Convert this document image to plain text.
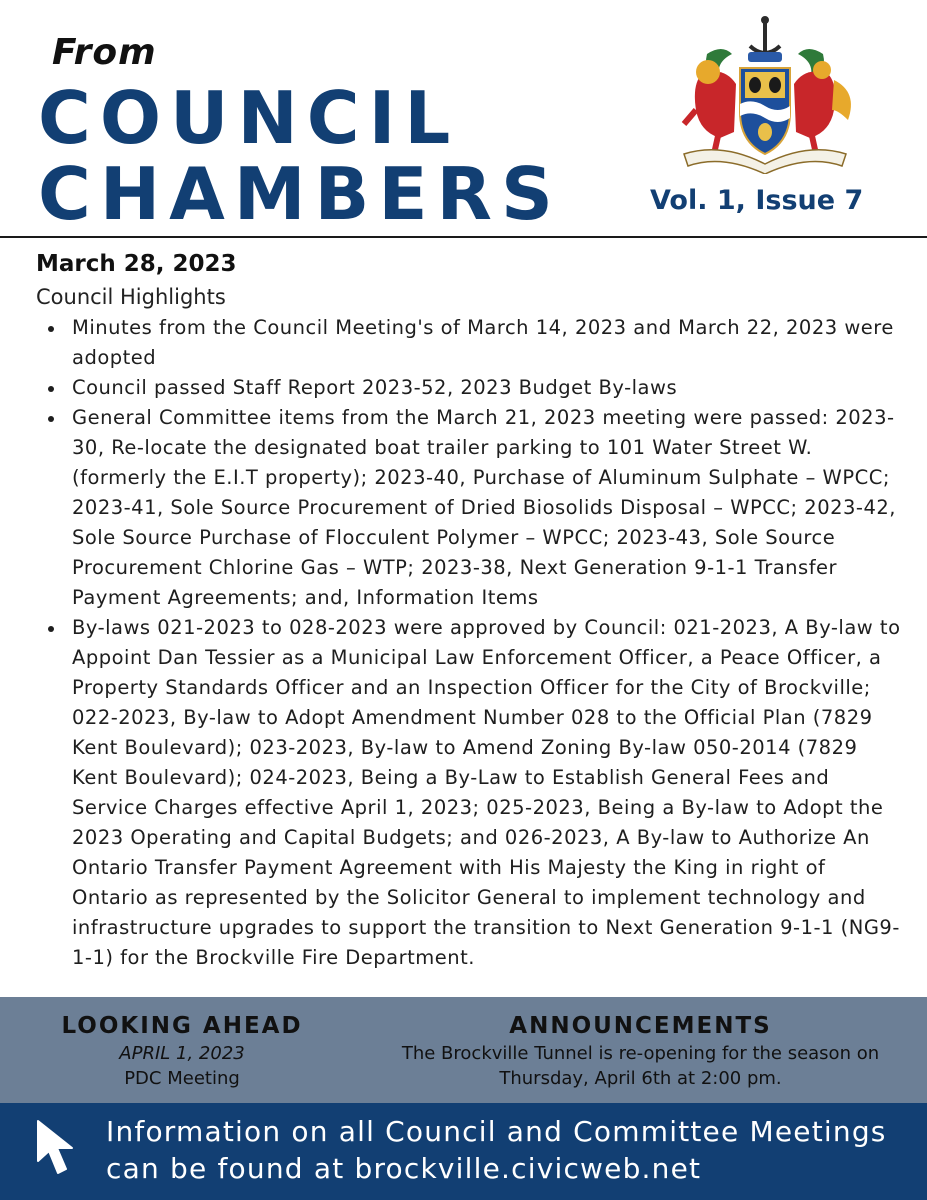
From
COUNCIL
CHAMBERS	Vol. 1, Issue 7

March 28, 2023

Council Highlights

Minutes from the Council Meeting's of March 14, 2023 and March 22, 2023 were adopted
Council passed Staff Report 2023-52, 2023 Budget By-laws
General Committee items from the March 21, 2023 meeting were passed: 2023-30, Re-locate the designated boat trailer parking to 101 Water Street W. (formerly the E.I.T property); 2023-40, Purchase of Aluminum Sulphate – WPCC; 2023-41, Sole Source Procurement of Dried Biosolids Disposal – WPCC; 2023-42, Sole Source Purchase of Flocculent Polymer – WPCC; 2023-43, Sole Source Procurement Chlorine Gas – WTP; 2023-38, Next Generation 9-1-1 Transfer Payment Agreements; and, Information Items
By-laws 021-2023 to 028-2023 were approved by Council: 021-2023, A By-law to Appoint Dan Tessier as a Municipal Law Enforcement Officer, a Peace Officer, a Property Standards Officer and an Inspection Officer for the City of Brockville; 022-2023, By-law to Adopt Amendment Number 028 to the Official Plan (7829 Kent Boulevard); 023-2023, By-law to Amend Zoning By-law 050-2014 (7829 Kent Boulevard); 024-2023, Being a By-Law to Establish General Fees and Service Charges effective April 1, 2023; 025-2023, Being a By-law to Adopt the 2023 Operating and Capital Budgets; and 026-2023, A By-law to Authorize An Ontario Transfer Payment Agreement with His Majesty the King in right of Ontario as represented by the Solicitor General to implement technology and infrastructure upgrades to support the transition to Next Generation 9-1-1 (NG9-1-1) for the Brockville Fire Department.
LOOKING AHEAD
APRIL 1, 2023
PDC Meeting
ANNOUNCEMENTS
The Brockville Tunnel is re-opening for the season on
Thursday, April 6th at 2:00 pm.
Information on all Council and Committee Meetings
can be found at brockville.civicweb.net
